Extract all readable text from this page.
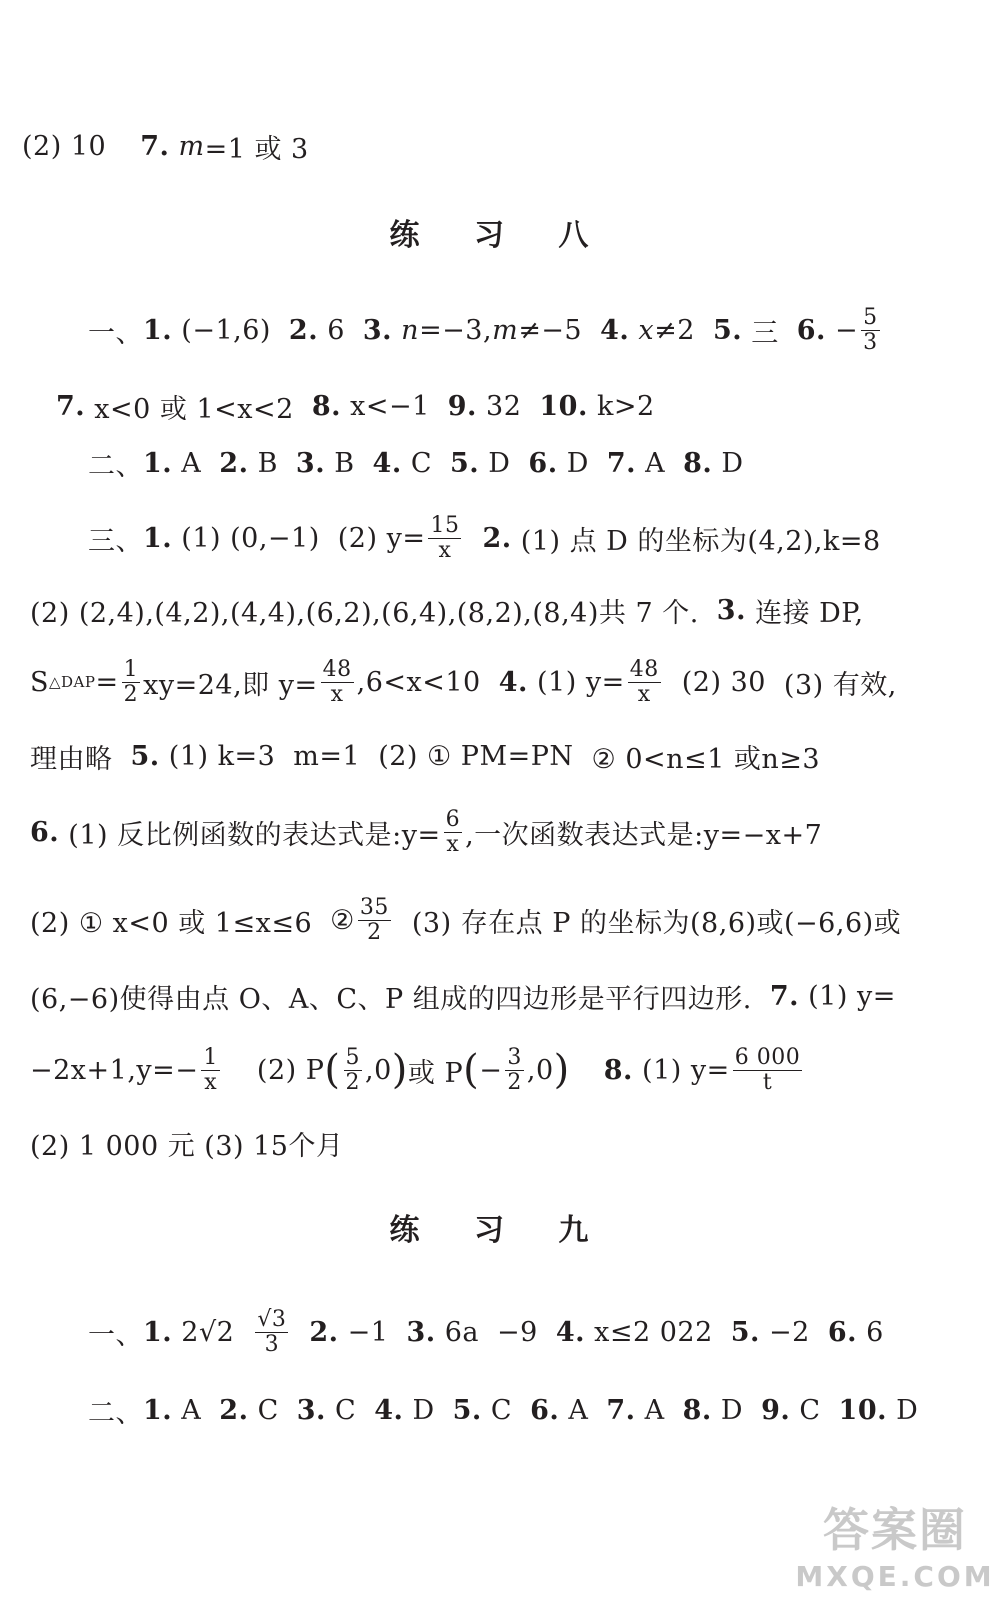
(2) 10 7.
m =1 或 3
练 习 八
一、 1.
(−1,6) 2.
6 3.
n =−3, m ≠−5 4.
x ≠2 5.
三 6.
− $\frac{5}{3}$
7.
x<0 或 1<x<2 8.
x<−1 9.
32 10.
k>2
二、 1.
A 2.
B 3.
B 4.
C 5.
D 6.
D 7.
A 8.
D
三、 1.
(1) (0,−1) (2)
$y= \frac{15}{x} 2$.
(1) 点 D 的坐标为(4,2),k=8
(2) (2,4),(4,2),(4,4),(6,2),(6,4),(8,2),(8,4)共 7 个. 3.
连接 DP,
S △DAP = $\frac{1}{2} xy=24$,即 $y= \frac{48}{x} ,6<x<10$ 4.
(1) $y= \frac{48}{x} (2)$ 30 (3) 有效,
理由略 5.
(1) k=3 m=1 (2) ① PM=PN ② 0<n≤1 或n≥3
6.
(1) 反比例函数的表达式是:y= $\frac{6}{x}$ ,一次函数表达式是:y=−x+7
(2) ① x<0 或 1≤x≤6 ② $\frac{35}{2} (3)$ 存在点 P 的坐标为(8,6)或(−6,6)或
(6,−6)使得由点 O、A、C、P 组成的四边形是平行四边形. 7.
(1) y=
$-2x+1,y=- \frac{1}{x} (2)$ P ( $\frac{5}{2} ,0$ ) 或 P ( − $\frac{3}{2} ,0$ ) 8.
(1) $y= \frac{6 000}{t}$
(2) 1 000 元 (3) 15个月
练 习 九
一、 1.
$2√2 \frac{√3}{3} 2$.
−1 3.
6a −9 4.
x≤2 022 5.
−2 6.
6
二、 1.
A 2.
C 3.
C 4.
D 5.
C 6.
A 7.
A 8.
D 9.
C 10.
D
答案圈
MXQE.COM
